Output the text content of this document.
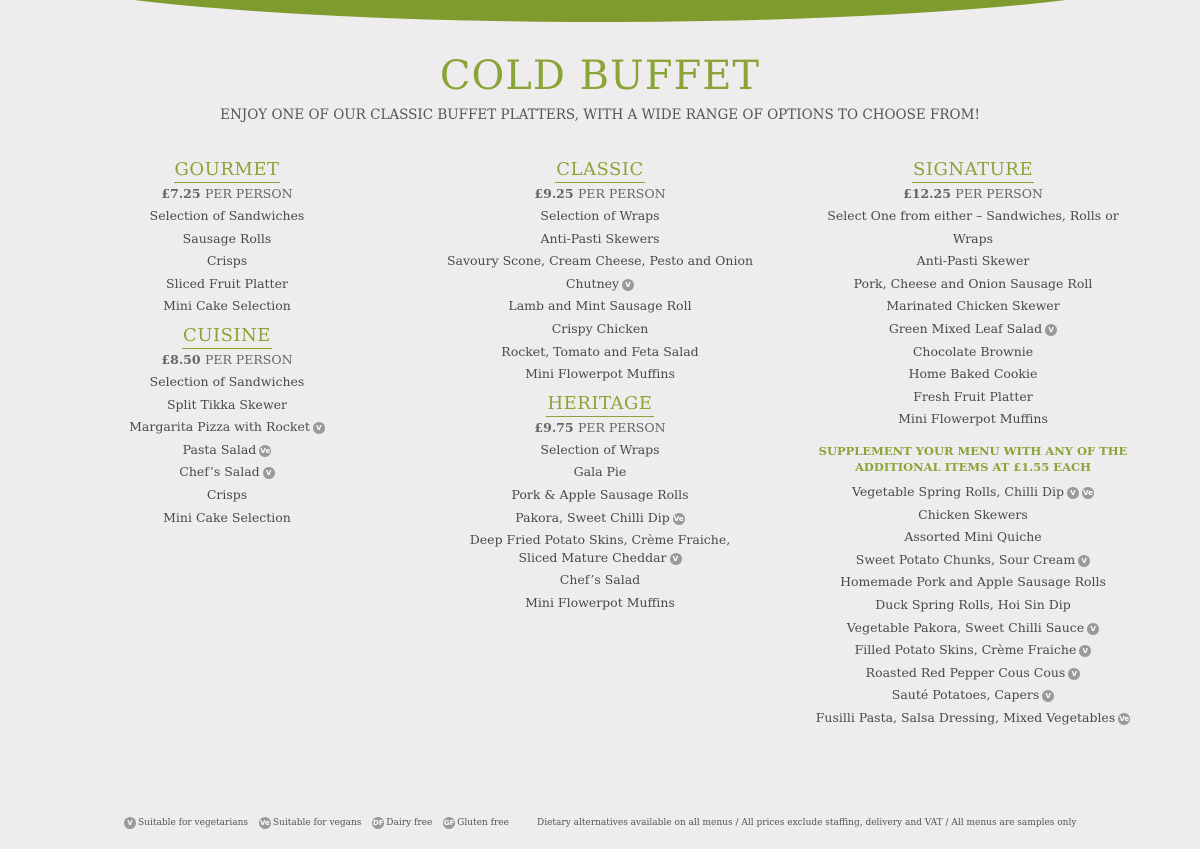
COLD BUFFET
ENJOY ONE OF OUR CLASSIC BUFFET PLATTERS, WITH A WIDE RANGE OF OPTIONS TO CHOOSE FROM!
GOURMET
£7.25 PER PERSON
Selection of Sandwiches
Sausage Rolls
Crisps
Sliced Fruit Platter
Mini Cake Selection
CUISINE
£8.50 PER PERSON
Selection of Sandwiches
Split Tikka Skewer
Margarita Pizza with Rocket V
Pasta Salad Ve
Chef’s Salad V
Crisps
Mini Cake Selection
CLASSIC
£9.25 PER PERSON
Selection of Wraps
Anti-Pasti Skewers
Savoury Scone, Cream Cheese, Pesto and Onion Chutney V
Lamb and Mint Sausage Roll
Crispy Chicken
Rocket, Tomato and Feta Salad
Mini Flowerpot Muffins
HERITAGE
£9.75 PER PERSON
Selection of Wraps
Gala Pie
Pork & Apple Sausage Rolls
Pakora, Sweet Chilli Dip Ve
Deep Fried Potato Skins, Crème Fraiche,
Sliced Mature Cheddar V
Chef’s Salad
Mini Flowerpot Muffins
SIGNATURE
£12.25 PER PERSON
Select One from either – Sandwiches, Rolls or Wraps
Anti-Pasti Skewer
Pork, Cheese and Onion Sausage Roll
Marinated Chicken Skewer
Green Mixed Leaf Salad V
Chocolate Brownie
Home Baked Cookie
Fresh Fruit Platter
Mini Flowerpot Muffins
SUPPLEMENT YOUR MENU WITH ANY OF THE
ADDITIONAL ITEMS AT £1.55 EACH
Vegetable Spring Rolls, Chilli Dip V Ve
Chicken Skewers
Assorted Mini Quiche
Sweet Potato Chunks, Sour Cream V
Homemade Pork and Apple Sausage Rolls
Duck Spring Rolls, Hoi Sin Dip
Vegetable Pakora, Sweet Chilli Sauce V
Filled Potato Skins, Crème Fraiche V
Roasted Red Pepper Cous Cous V
Sauté Potatoes, Capers V
Fusilli Pasta, Salsa Dressing, Mixed Vegetables Ve
V Suitable for vegetarians Ve Suitable for vegans DF Dairy free GF Gluten free	Dietary alternatives available on all menus / All prices exclude staffing, delivery and VAT / All menus are samples only
